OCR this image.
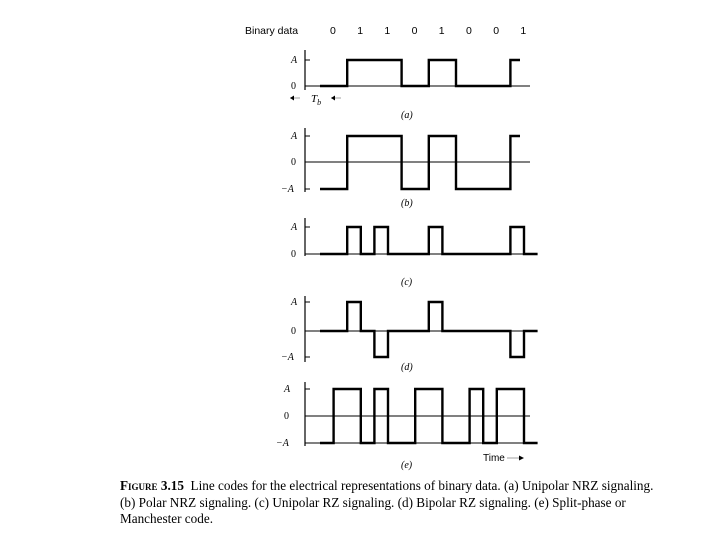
Binary data	0 1 1 0 1 0 0 1
A
0
$T_b$
(a)
A
0
−A
(b)
A
0
(c)
A
0
−A
(d)
A
0
−A
Time
(e)
Figure 3.15 Line codes for the electrical representations of binary data. (a) Unipolar NRZ signaling. (b) Polar NRZ signaling. (c) Unipolar RZ signaling. (d) Bipolar RZ signaling. (e) Split-phase or Manchester code.
